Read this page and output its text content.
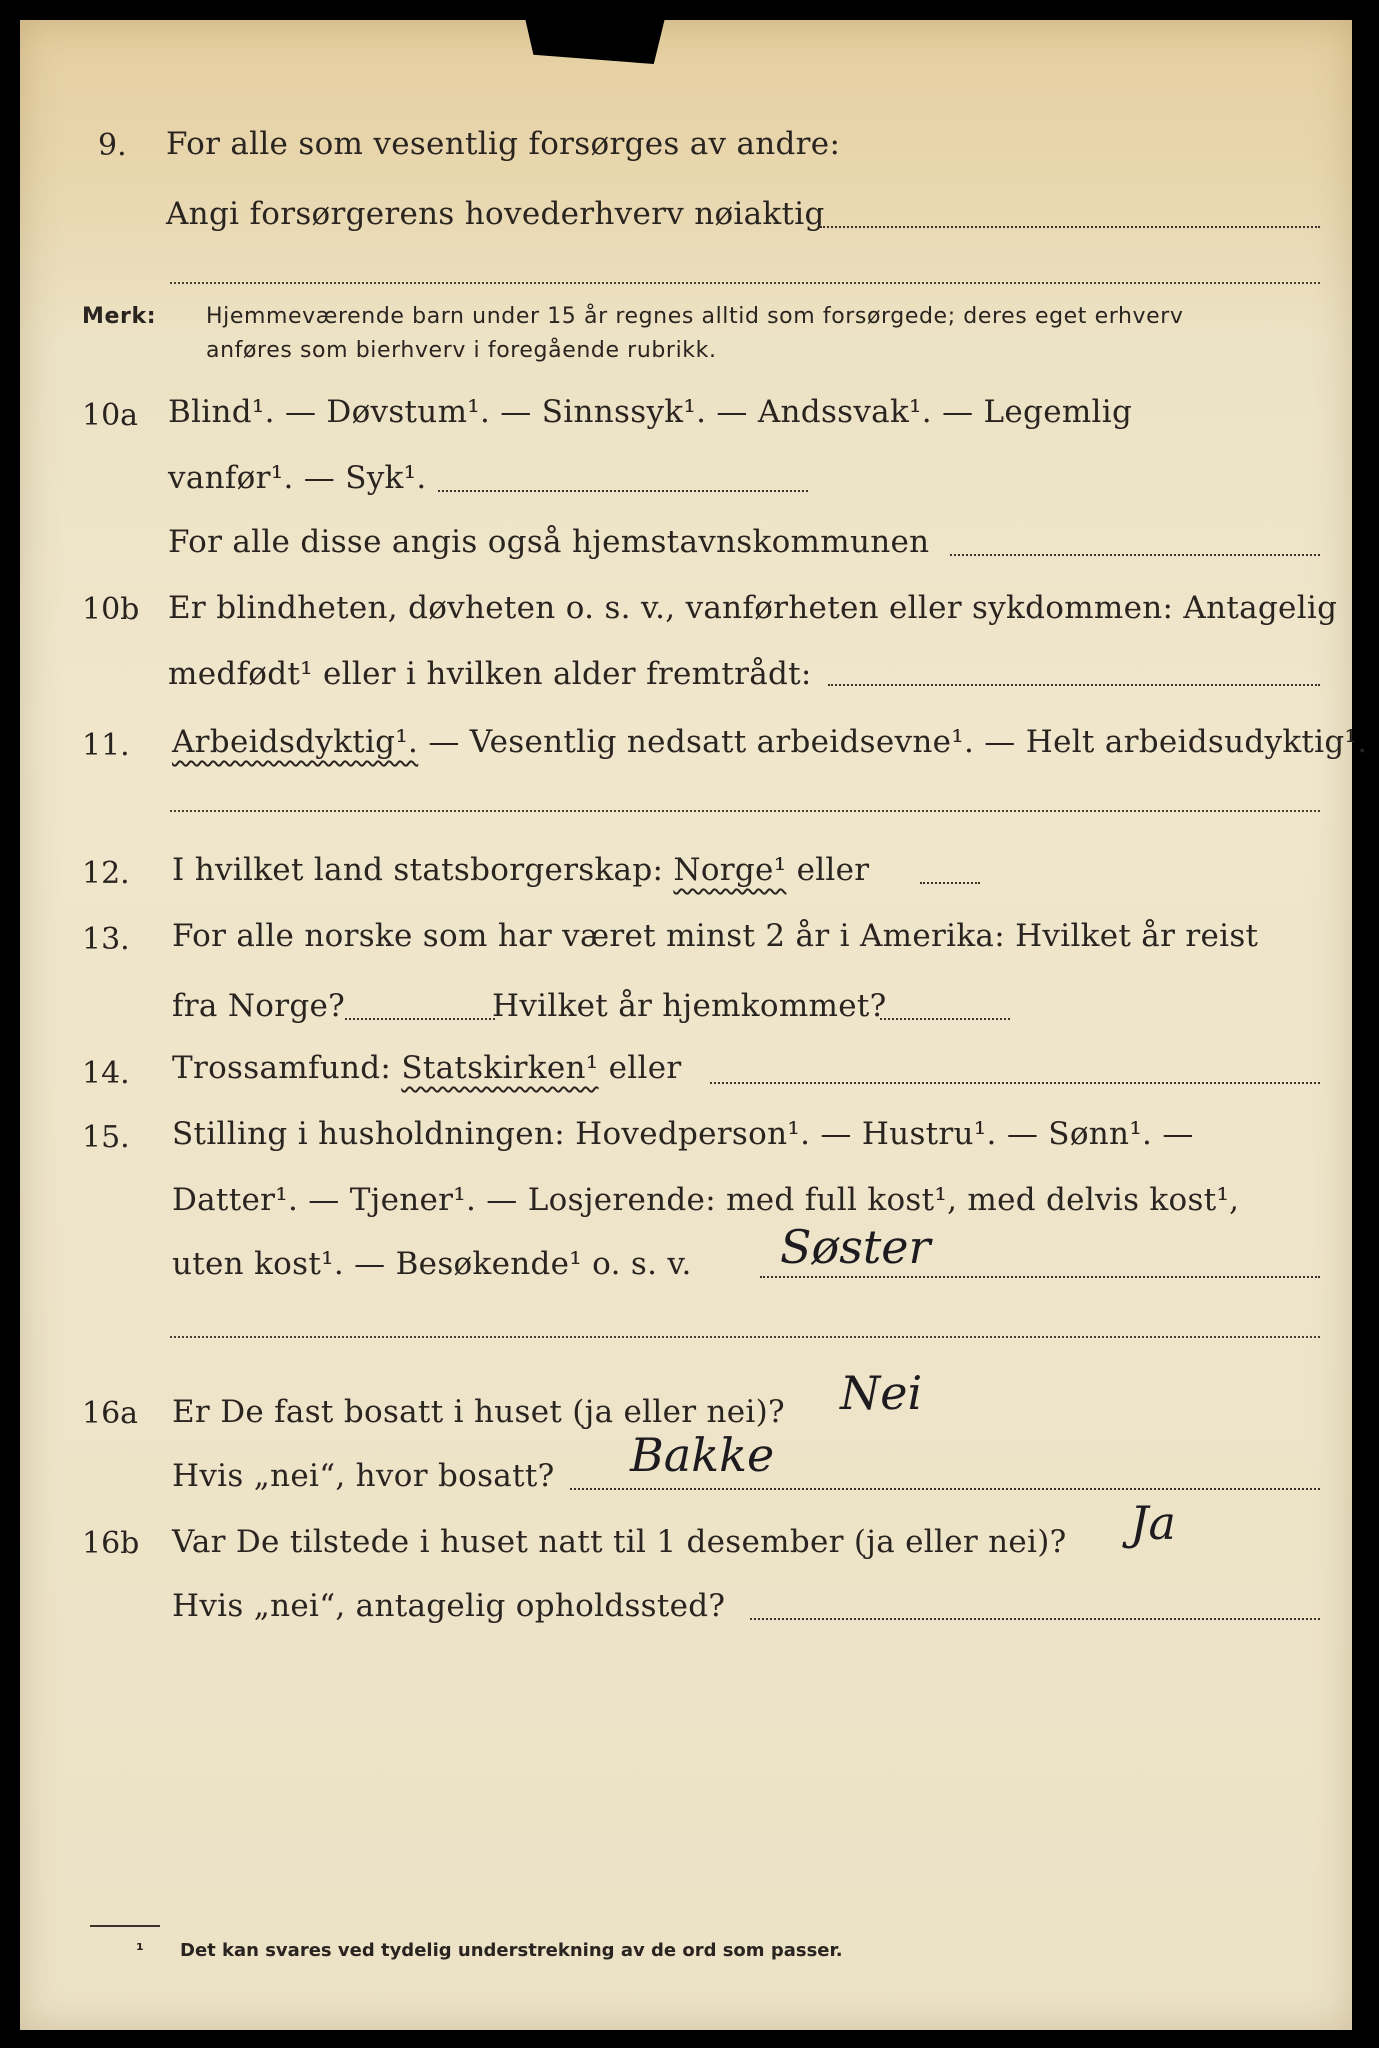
9. For alle som vesentlig forsørges av andre:
Angi forsørgerens hovederhverv nøiaktig
Merk: Hjemmeværende barn under 15 år regnes alltid som forsørgede; deres eget erhverv
anføres som bierhverv i foregående rubrikk.
10a Blind¹. — Døvstum¹. — Sinnssyk¹. — Andssvak¹. — Legemlig
vanfør¹. — Syk¹.
For alle disse angis også hjemstavnskommunen
10b Er blindheten, døvheten o. s. v., vanførheten eller sykdommen: Antagelig
medfødt¹ eller i hvilken alder fremtrådt:
11. Arbeidsdyktig¹. — Vesentlig nedsatt arbeidsevne¹. — Helt arbeidsudyktig¹.
12. I hvilket land statsborgerskap: Norge¹ eller
13. For alle norske som har været minst 2 år i Amerika: Hvilket år reist
fra Norge?	Hvilket år hjemkommet?
14. Trossamfund: Statskirken¹ eller
15. Stilling i husholdningen: Hovedperson¹. — Hustru¹. — Sønn¹. —
Datter¹. — Tjener¹. — Losjerende: med full kost¹, med delvis kost¹,
uten kost¹. — Besøkende¹ o. s. v. Søster
16a Er De fast bosatt i huset (ja eller nei)? Nei
Hvis „nei“, hvor bosatt? Bakke
16b Var De tilstede i huset natt til 1 desember (ja eller nei)? Ja
Hvis „nei“, antagelig opholdssted?
¹ Det kan svares ved tydelig understrekning av de ord som passer.
